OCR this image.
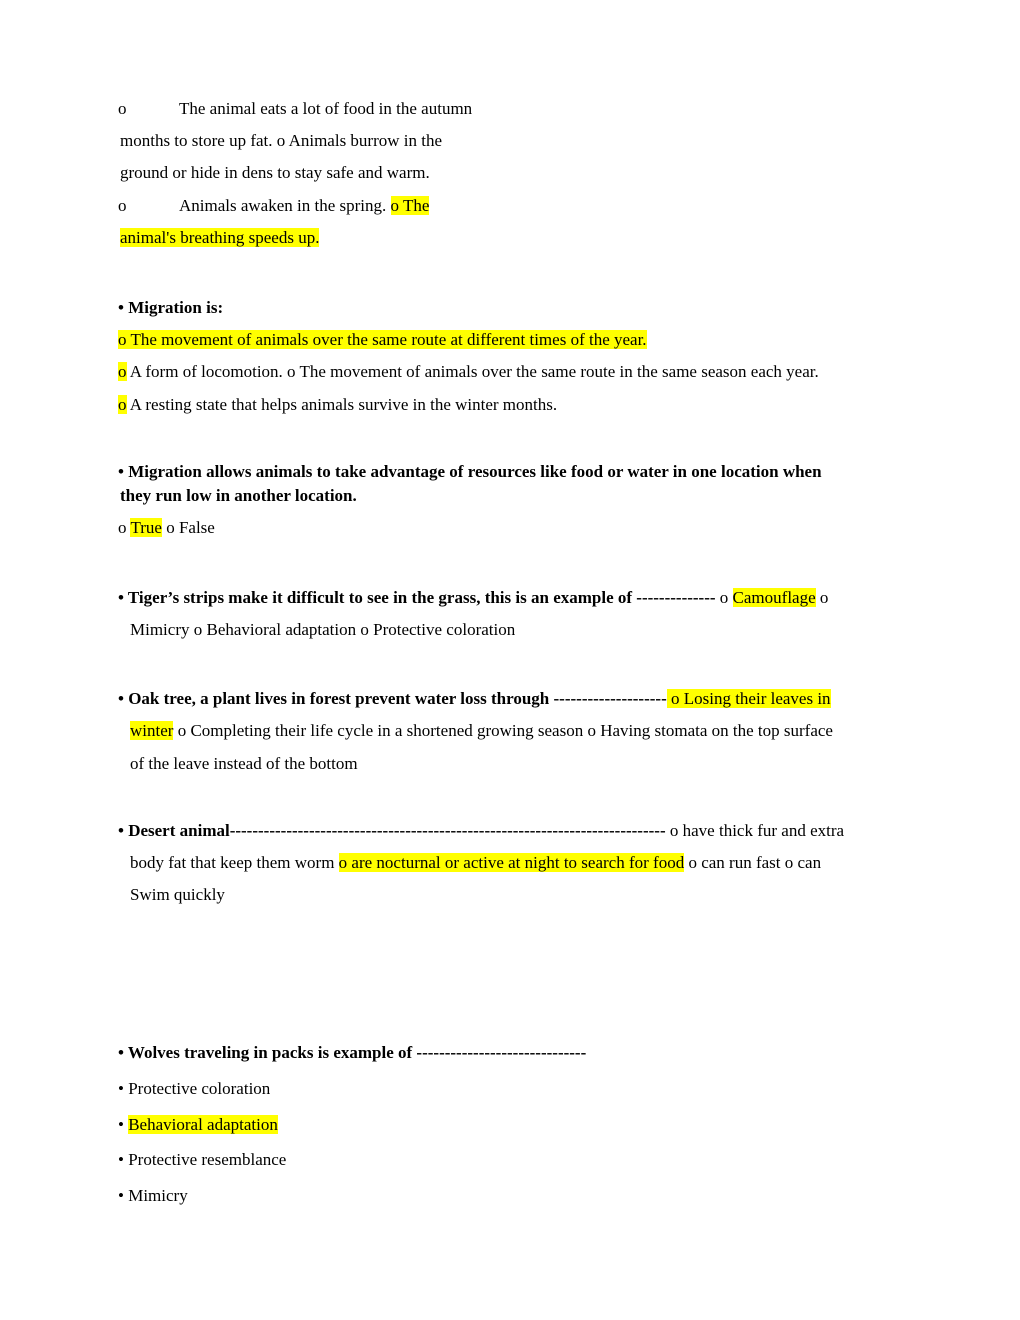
o	The animal eats a lot of food in the autumn
months to store up fat. o Animals burrow in the
ground or hide in dens to stay safe and warm.
o	Animals awaken in the spring. o The
animal's breathing speeds up.
• Migration is:
o The movement of animals over the same route at different times of the year.
o A form of locomotion. o The movement of animals over the same route in the same season each year.
o A resting state that helps animals survive in the winter months.
• Migration allows animals to take advantage of resources like food or water in one location when
they run low in another location.
o True o False
• Tiger’s strips make it difficult to see in the grass, this is an example of -------------- o Camouflage o
Mimicry o Behavioral adaptation o Protective coloration
• Oak tree, a plant lives in forest prevent water loss through -------------------- o Losing their leaves in
winter o Completing their life cycle in a shortened growing season o Having stomata on the top surface
of the leave instead of the bottom
• Desert animal----------------------------------------------------------------------------- o have thick fur and extra
body fat that keep them worm o are nocturnal or active at night to search for food o can run fast o can
Swim quickly
• Wolves traveling in packs is example of ------------------------------
• Protective coloration
• Behavioral adaptation
• Protective resemblance
• Mimicry
